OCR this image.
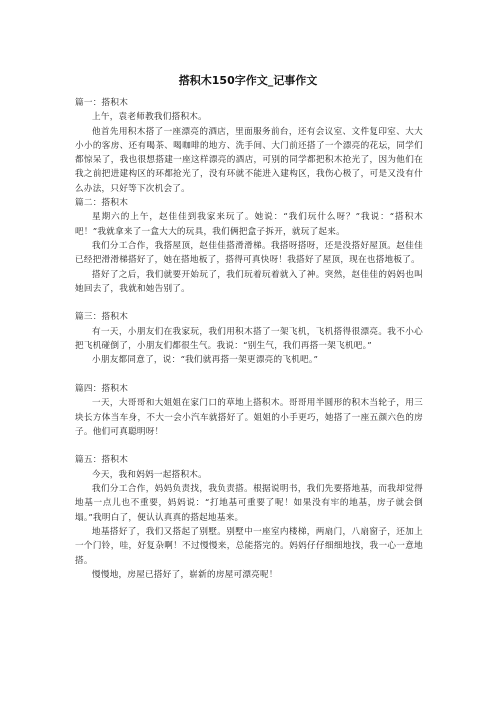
搭积木150字作文_记事作文

篇一：搭积木

上午，袁老师教我们搭积木。

他首先用积木搭了一座漂亮的酒店，里面服务前台，还有会议室、文件复印室、大大小小的客房、还有喝茶、喝咖啡的地方、洗手间、大门前还搭了一个漂亮的花坛，同学们都惊呆了，我也很想搭建一座这样漂亮的酒店，可别的同学都把积木抢光了，因为他们在我之前把进建构区的环都抢光了，没有环就不能进入建构区，我伤心极了，可是又没有什么办法，只好等下次机会了。

篇二：搭积木

星期六的上午，赵佳佳到我家来玩了。她说：“我们玩什么呀？”我说：“搭积木吧！”我就拿来了一盒大大的玩具，我们俩把盒子拆开，就玩了起来。

我们分工合作，我搭屋顶，赵佳佳搭滑滑梯。我搭呀搭呀，还是没搭好屋顶。赵佳佳已经把滑滑梯搭好了，她在搭地板了，搭得可真快呀！我搭好了屋顶，现在也搭地板了。

搭好了之后，我们就要开始玩了，我们玩着玩着就入了神。突然，赵佳佳的妈妈也叫她回去了，我就和她告别了。

篇三：搭积木

有一天，小朋友们在我家玩，我们用积木搭了一架飞机，飞机搭得很漂亮。我不小心把飞机碰倒了，小朋友们都很生气。我说：“别生气，我们再搭一架飞机吧。”

小朋友都同意了，说：“我们就再搭一架更漂亮的飞机吧。”

篇四：搭积木

一天，大哥哥和大姐姐在家门口的草地上搭积木。哥哥用半圆形的积木当轮子，用三块长方体当车身，不大一会小汽车就搭好了。姐姐的小手更巧，她搭了一座五颜六色的房子。他们可真聪明呀！

篇五：搭积木

今天，我和妈妈一起搭积木。

我们分工合作，妈妈负责找，我负责搭。根据说明书，我们先要搭地基，而我却觉得地基一点儿也不重要，妈妈说：“打地基可重要了呢！如果没有牢的地基，房子就会倒塌。”我明白了，便认认真真的搭起地基来。

地基搭好了，我们又搭起了别墅。别墅中一座室内楼梯，两扇门，八扇窗子，还加上一个门铃，哇，好复杂啊！不过慢慢来，总能搭完的。妈妈仔仔细细地找，我一心一意地搭。

慢慢地，房屋已搭好了，崭新的房屋可漂亮呢！
